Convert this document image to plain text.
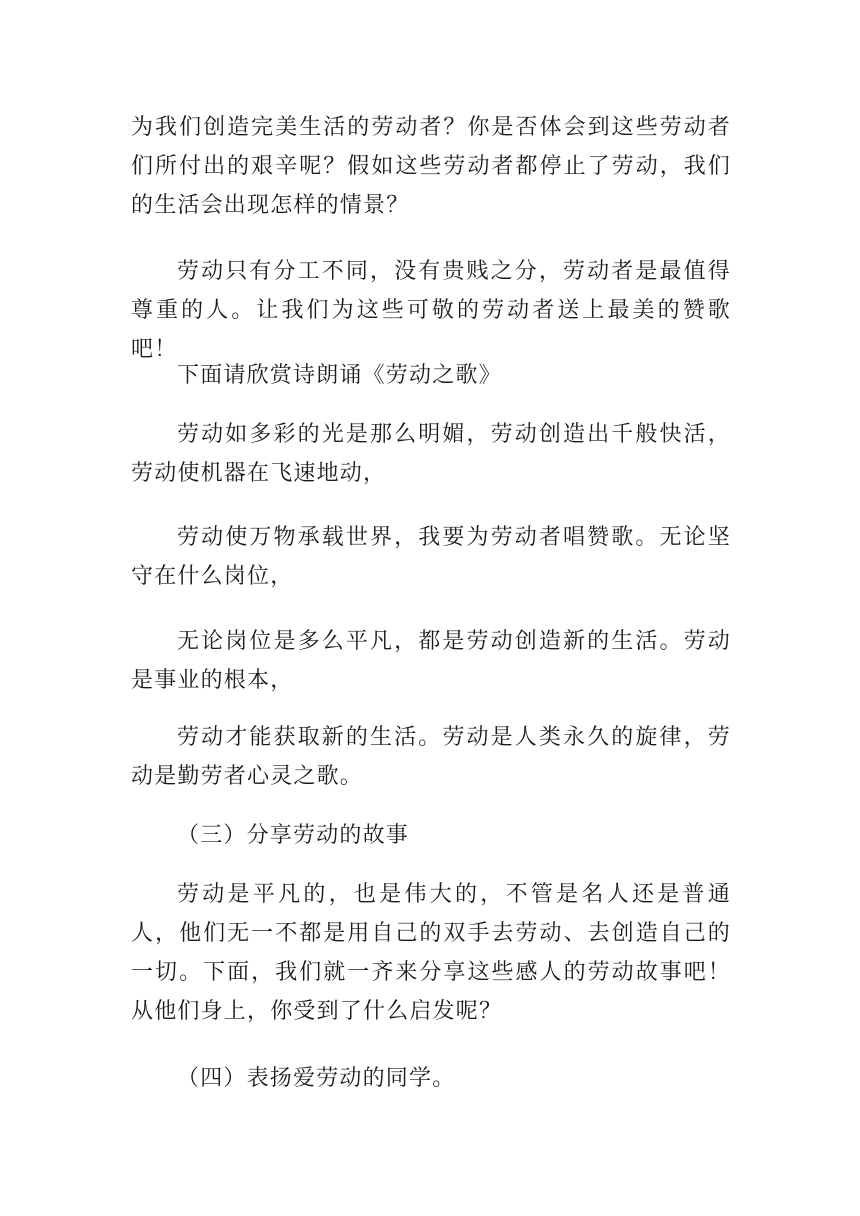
为我们创造完美生活的劳动者？你是否体会到这些劳动者们所付出的艰辛呢？假如这些劳动者都停止了劳动，我们的生活会出现怎样的情景？

劳动只有分工不同，没有贵贱之分，劳动者是最值得尊重的人。让我们为这些可敬的劳动者送上最美的赞歌吧！

下面请欣赏诗朗诵《劳动之歌》

劳动如多彩的光是那么明媚，劳动创造出千般快活，劳动使机器在飞速地动，

劳动使万物承载世界，我要为劳动者唱赞歌。无论坚守在什么岗位，

无论岗位是多么平凡，都是劳动创造新的生活。劳动是事业的根本，

劳动才能获取新的生活。劳动是人类永久的旋律，劳动是勤劳者心灵之歌。

（三）分享劳动的故事

劳动是平凡的，也是伟大的，不管是名人还是普通人，他们无一不都是用自己的双手去劳动、去创造自己的一切。下面，我们就一齐来分享这些感人的劳动故事吧！从他们身上，你受到了什么启发呢？

（四）表扬爱劳动的同学。
